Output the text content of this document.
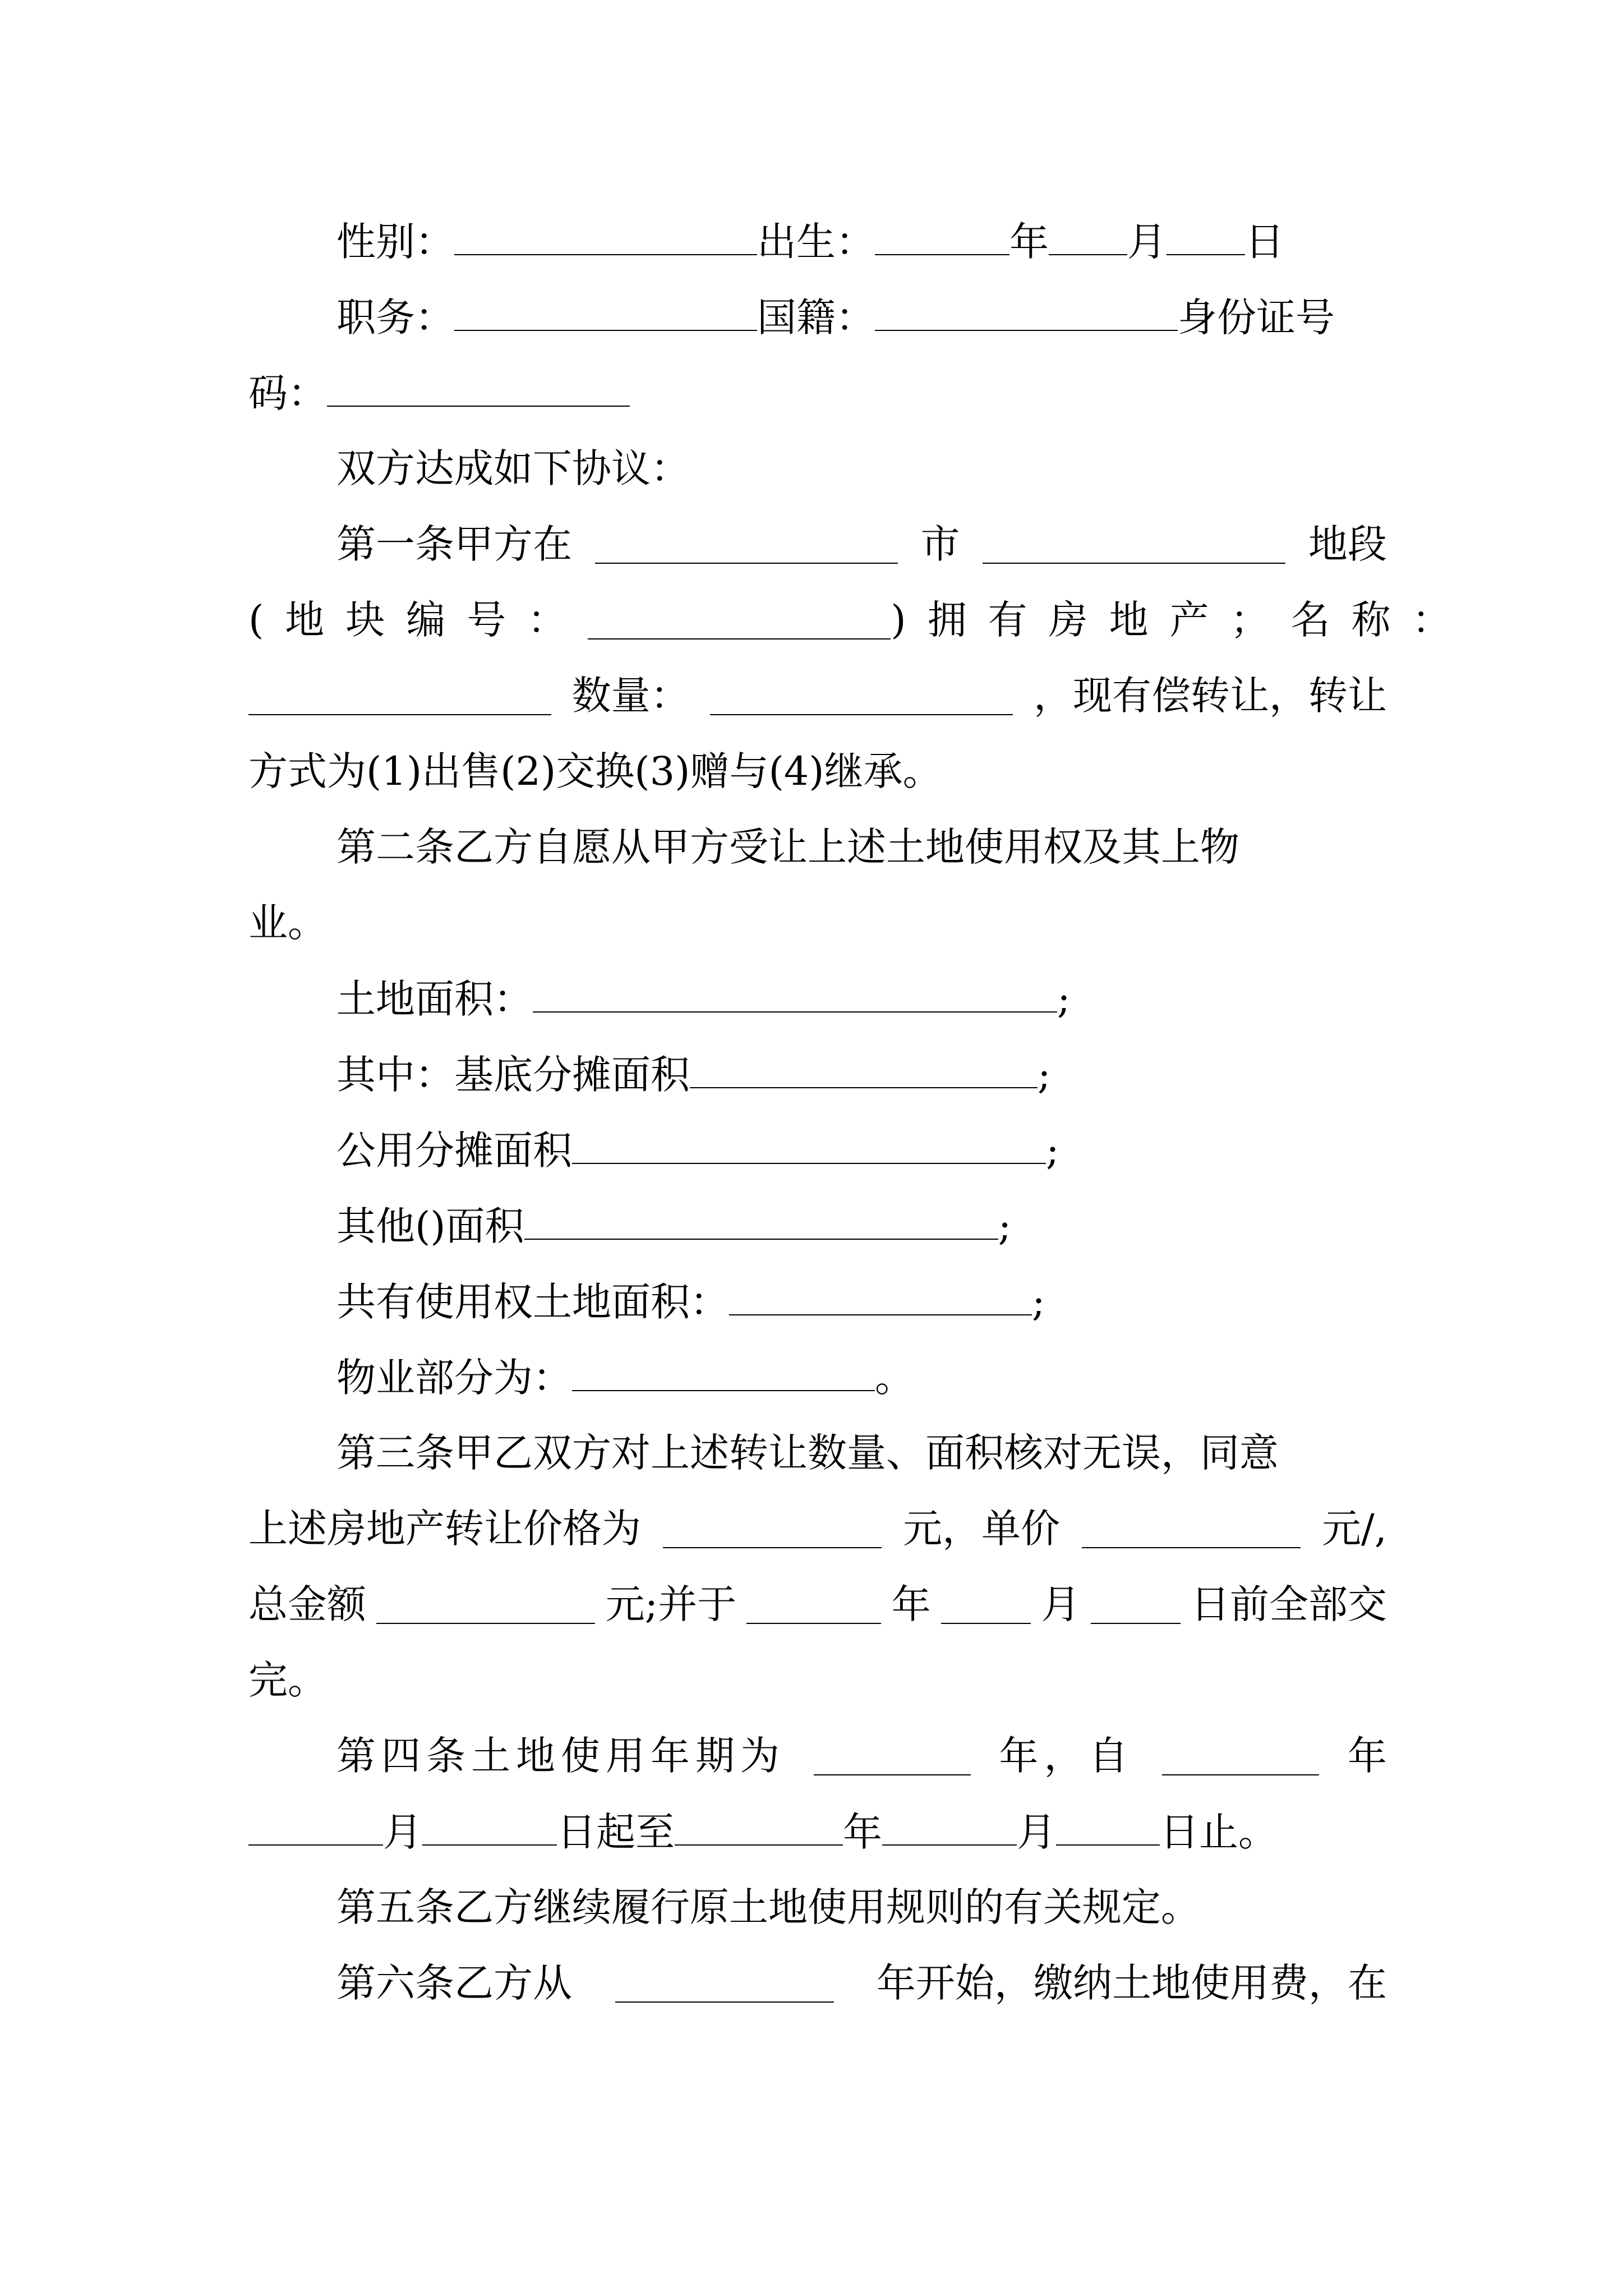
性别：	出生：	年 月 日
职务：	国籍：	身份证号
码：
双方达成如下协议：
第一条甲方在	市	地段
(地块编号：	)拥有房地产；名称：
数量：	，现有偿转让，转让
方式为(1)出售(2)交换(3)赠与(4)继承。
第二条乙方自愿从甲方受让上述土地使用权及其上物
业。
土地面积：	;
其中：基底分摊面积	;
公用分摊面积	;
其他()面积	;
共有使用权土地面积：	;
物业部分为：	。
第三条甲乙双方对上述转让数量、面积核对无误，同意
上述房地产转让价格为	元，单价	元/,
总金额	元;并于	年	月	日前全部交
完。
第四条土地使用年期为	年，自	年
月	日起至	年	月	日止。
第五条乙方继续履行原土地使用规则的有关规定。
第六条乙方从	年开始，缴纳土地使用费，在
